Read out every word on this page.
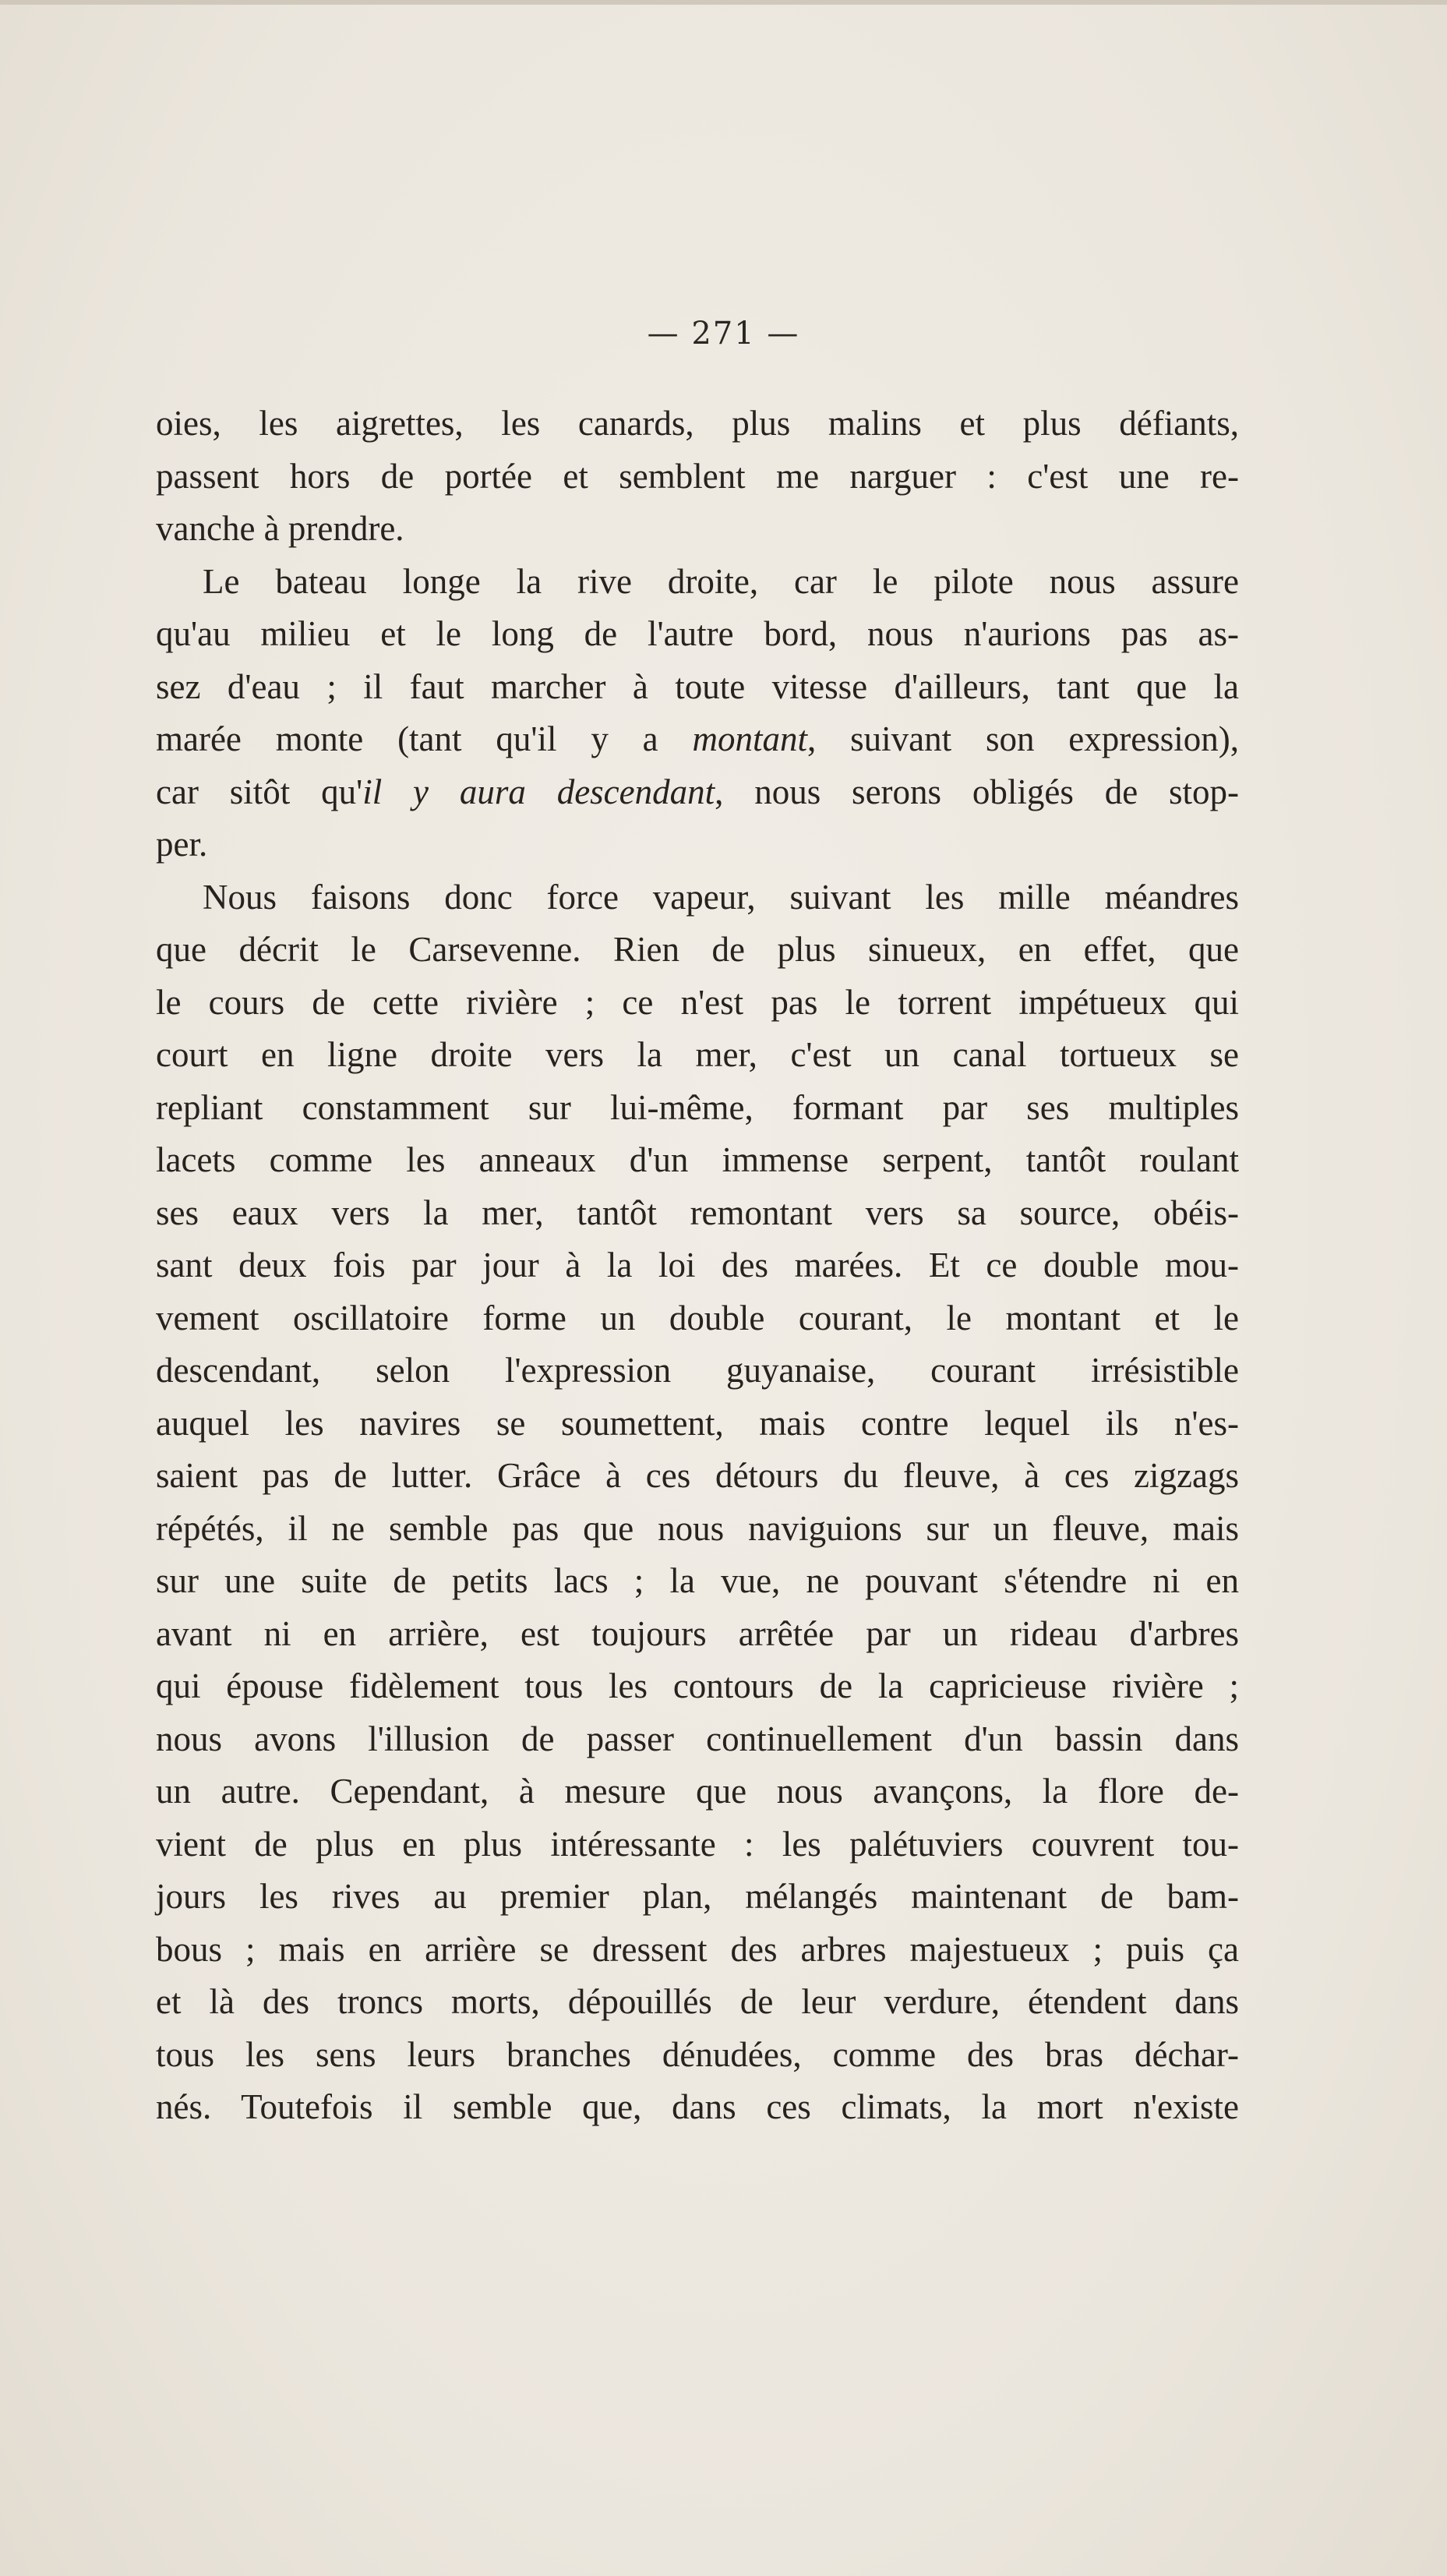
— 271 —
oies, les aigrettes, les canards, plus malins et plus défiants,
passent hors de portée et semblent me narguer : c'est une re-
vanche à prendre.
Le bateau longe la rive droite, car le pilote nous assure
qu'au milieu et le long de l'autre bord, nous n'aurions pas as-
sez d'eau ; il faut marcher à toute vitesse d'ailleurs, tant que la
marée monte (tant qu'il y a montant, suivant son expression),
car sitôt qu'il y aura descendant, nous serons obligés de stop-
per.
Nous faisons donc force vapeur, suivant les mille méandres
que décrit le Carsevenne. Rien de plus sinueux, en effet, que
le cours de cette rivière ; ce n'est pas le torrent impétueux qui
court en ligne droite vers la mer, c'est un canal tortueux se
repliant constamment sur lui-même, formant par ses multiples
lacets comme les anneaux d'un immense serpent, tantôt roulant
ses eaux vers la mer, tantôt remontant vers sa source, obéis-
sant deux fois par jour à la loi des marées. Et ce double mou-
vement oscillatoire forme un double courant, le montant et le
descendant, selon l'expression guyanaise, courant irrésistible
auquel les navires se soumettent, mais contre lequel ils n'es-
saient pas de lutter. Grâce à ces détours du fleuve, à ces zigzags
répétés, il ne semble pas que nous naviguions sur un fleuve, mais
sur une suite de petits lacs ; la vue, ne pouvant s'étendre ni en
avant ni en arrière, est toujours arrêtée par un rideau d'arbres
qui épouse fidèlement tous les contours de la capricieuse rivière ;
nous avons l'illusion de passer continuellement d'un bassin dans
un autre. Cependant, à mesure que nous avançons, la flore de-
vient de plus en plus intéressante : les palétuviers couvrent tou-
jours les rives au premier plan, mélangés maintenant de bam-
bous ; mais en arrière se dressent des arbres majestueux ; puis ça
et là des troncs morts, dépouillés de leur verdure, étendent dans
tous les sens leurs branches dénudées, comme des bras déchar-
nés. Toutefois il semble que, dans ces climats, la mort n'existe
